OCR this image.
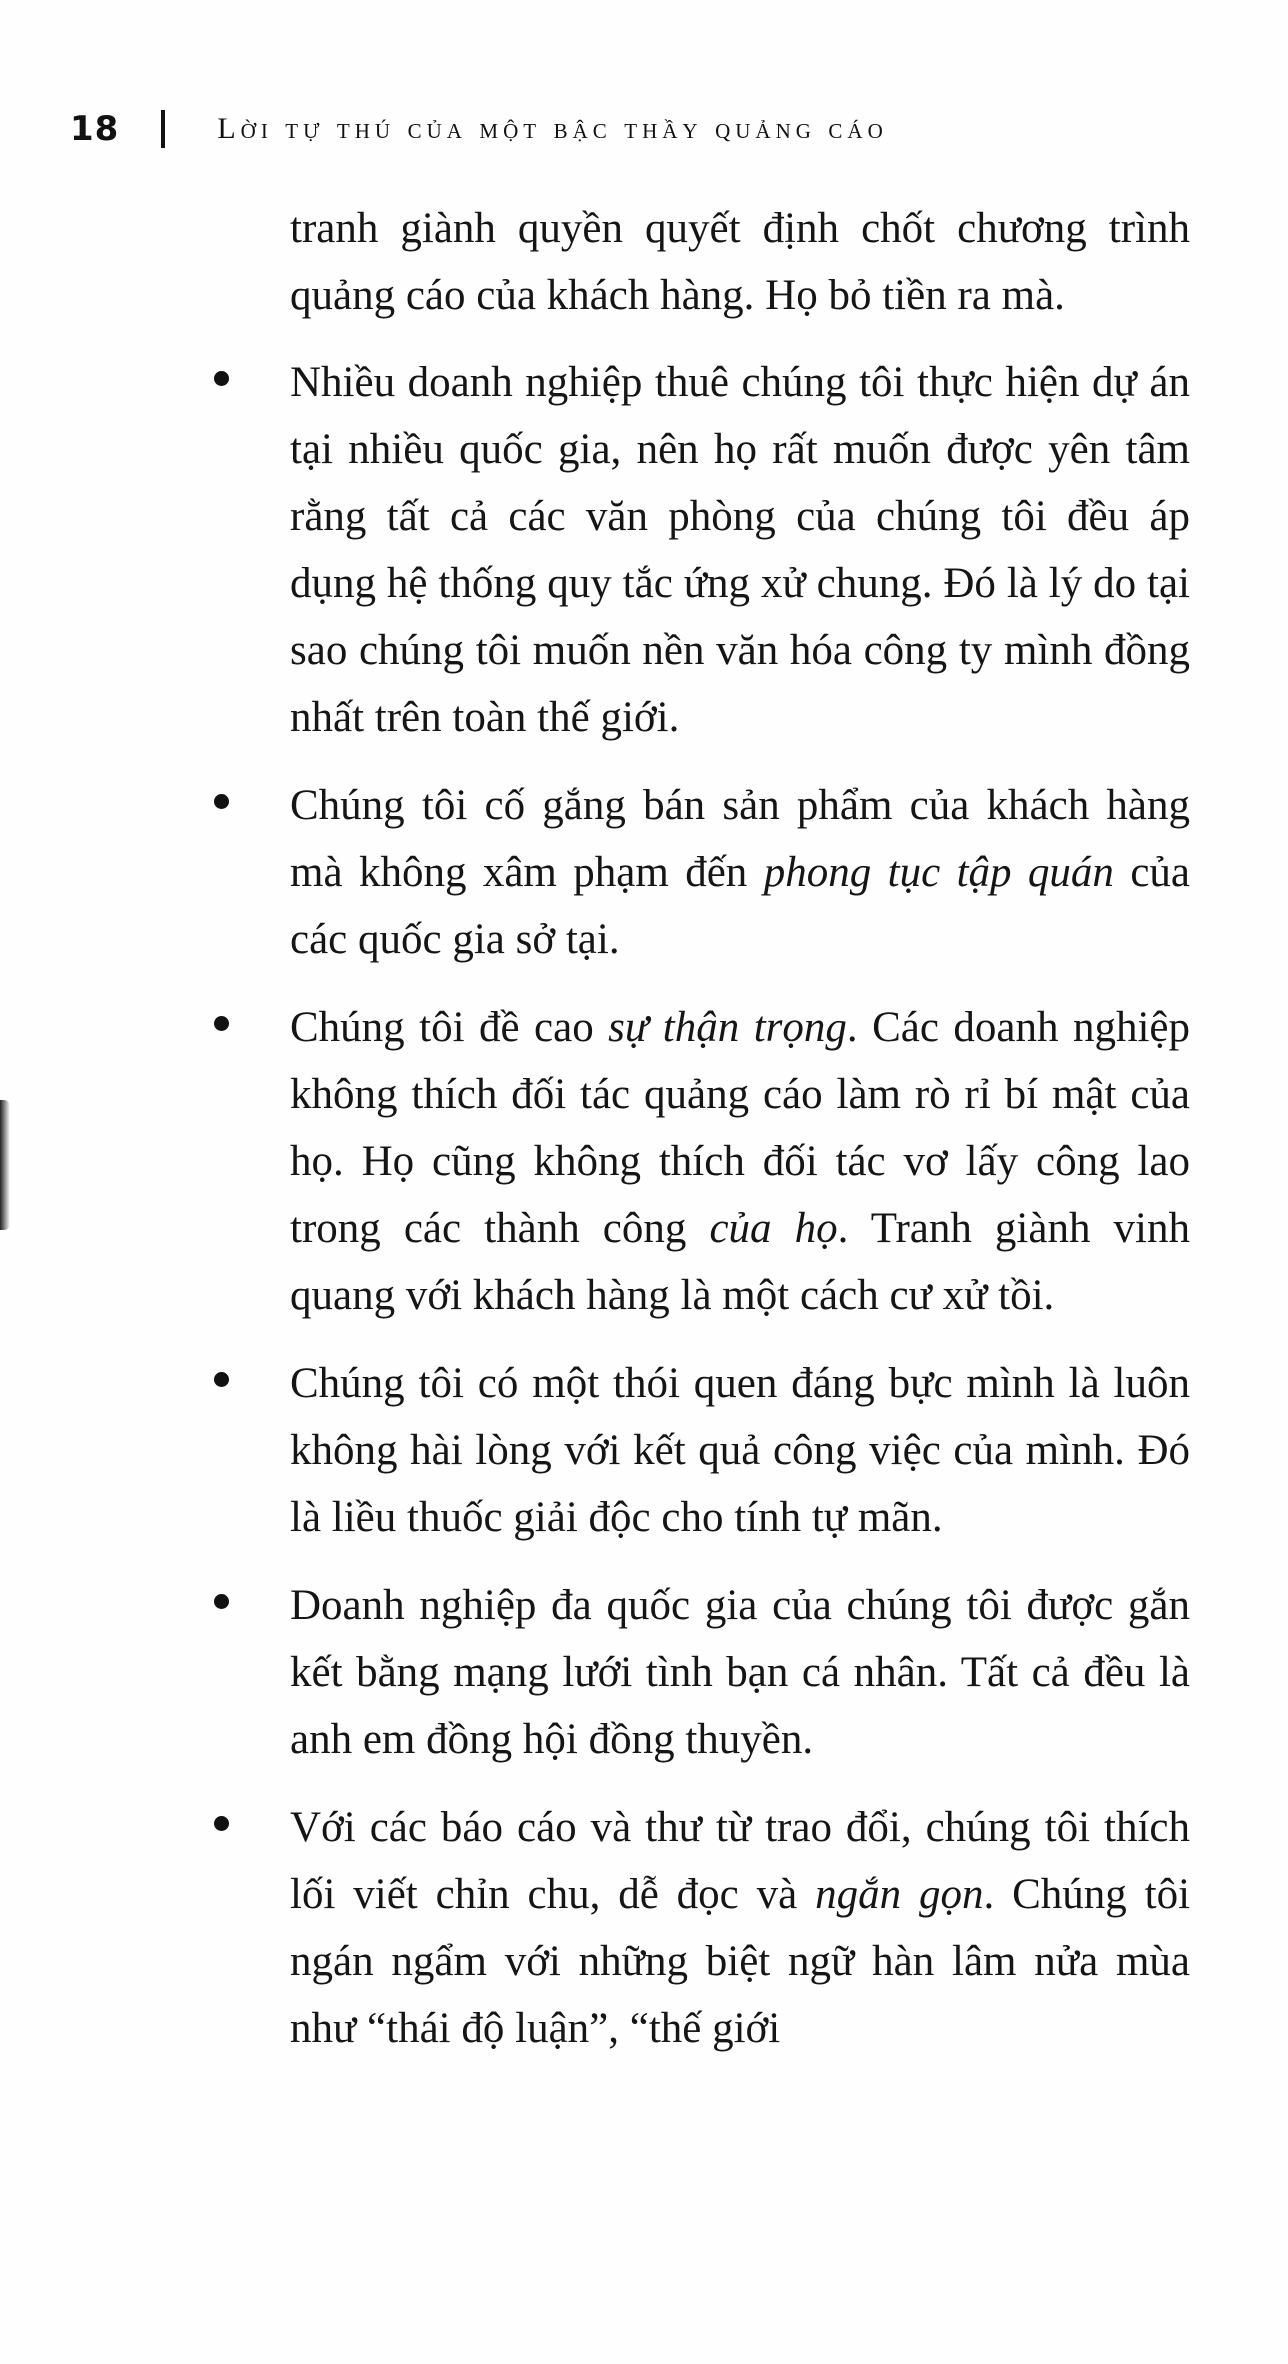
18	Lời tự thú của một bậc thầy quảng cáo

tranh giành quyền quyết định chốt chương trình quảng cáo của khách hàng. Họ bỏ tiền ra mà.

Nhiều doanh nghiệp thuê chúng tôi thực hiện dự án tại nhiều quốc gia, nên họ rất muốn được yên tâm rằng tất cả các văn phòng của chúng tôi đều áp dụng hệ thống quy tắc ứng xử chung. Đó là lý do tại sao chúng tôi muốn nền văn hóa công ty mình đồng nhất trên toàn thế giới.

Chúng tôi cố gắng bán sản phẩm của khách hàng mà không xâm phạm đến phong tục tập quán của các quốc gia sở tại.

Chúng tôi đề cao sự thận trọng. Các doanh nghiệp không thích đối tác quảng cáo làm rò rỉ bí mật của họ. Họ cũng không thích đối tác vơ lấy công lao trong các thành công của họ. Tranh giành vinh quang với khách hàng là một cách cư xử tồi.

Chúng tôi có một thói quen đáng bực mình là luôn không hài lòng với kết quả công việc của mình. Đó là liều thuốc giải độc cho tính tự mãn.

Doanh nghiệp đa quốc gia của chúng tôi được gắn kết bằng mạng lưới tình bạn cá nhân. Tất cả đều là anh em đồng hội đồng thuyền.

Với các báo cáo và thư từ trao đổi, chúng tôi thích lối viết chỉn chu, dễ đọc và ngắn gọn. Chúng tôi ngán ngẩm với những biệt ngữ hàn lâm nửa mùa như “thái độ luận”, “thế giới
